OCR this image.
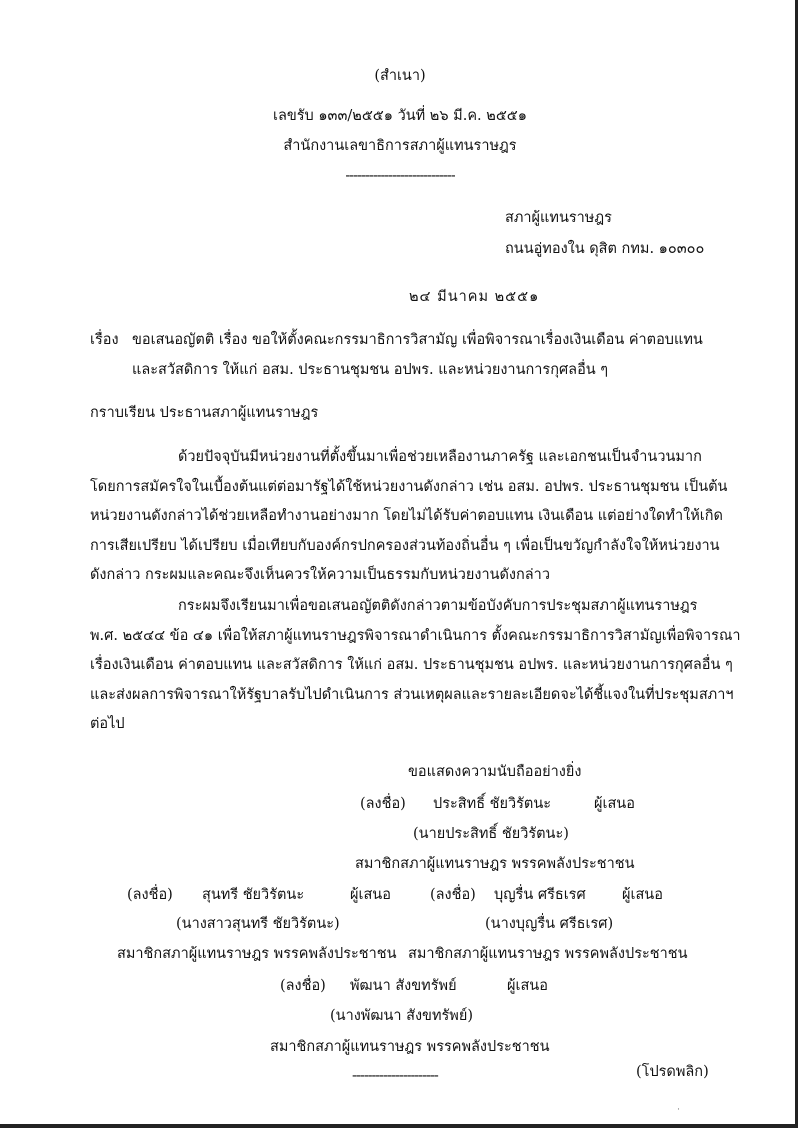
(สำเนา)
เลขรับ ๑๓๓/๒๕๕๑ วันที่ ๒๖ มี.ค. ๒๕๕๑
สำนักงานเลขาธิการสภาผู้แทนราษฎร
----------------------------
สภาผู้แทนราษฎร
ถนนอู่ทองใน ดุสิต กทม. ๑๐๓๐๐
๒๔ มีนาคม ๒๕๕๑
เรื่อง ขอเสนอญัตติ เรื่อง ขอให้ตั้งคณะกรรมาธิการวิสามัญ เพื่อพิจารณาเรื่องเงินเดือน ค่าตอบแทน
และสวัสดิการ ให้แก่ อสม. ประธานชุมชน อปพร. และหน่วยงานการกุศลอื่น ๆ
กราบเรียน ประธานสภาผู้แทนราษฎร

ด้วยปัจจุบันมีหน่วยงานที่ตั้งขึ้นมาเพื่อช่วยเหลืองานภาครัฐ และเอกชนเป็นจำนวนมาก

โดยการสมัครใจในเบื้องต้นแต่ต่อมารัฐได้ใช้หน่วยงานดังกล่าว เช่น อสม. อปพร. ประธานชุมชน เป็นต้น

หน่วยงานดังกล่าวได้ช่วยเหลือทำงานอย่างมาก โดยไม่ได้รับค่าตอบแทน เงินเดือน แต่อย่างใดทำให้เกิด

การเสียเปรียบ ได้เปรียบ เมื่อเทียบกับองค์กรปกครองส่วนท้องถิ่นอื่น ๆ เพื่อเป็นขวัญกำลังใจให้หน่วยงาน

ดังกล่าว กระผมและคณะจึงเห็นควรให้ความเป็นธรรมกับหน่วยงานดังกล่าว

กระผมจึงเรียนมาเพื่อขอเสนอญัตติดังกล่าวตามข้อบังคับการประชุมสภาผู้แทนราษฎร

พ.ศ. ๒๕๔๔ ข้อ ๔๑ เพื่อให้สภาผู้แทนราษฎรพิจารณาดำเนินการ ตั้งคณะกรรมาธิการวิสามัญเพื่อพิจารณา

เรื่องเงินเดือน ค่าตอบแทน และสวัสดิการ ให้แก่ อสม. ประธานชุมชน อปพร. และหน่วยงานการกุศลอื่น ๆ

และส่งผลการพิจารณาให้รัฐบาลรับไปดำเนินการ ส่วนเหตุผลและรายละเอียดจะได้ชี้แจงในที่ประชุมสภาฯ

ต่อไป

ขอแสดงความนับถืออย่างยิ่ง
(ลงชื่อ) ประสิทธิ์ ชัยวิรัตนะ	ผู้เสนอ
(นายประสิทธิ์ ชัยวิรัตนะ)
สมาชิกสภาผู้แทนราษฎร พรรคพลังประชาชน
(ลงชื่อ) สุนทรี ชัยวิรัตนะ	ผู้เสนอ
(นางสาวสุนทรี ชัยวิรัตนะ)
(ลงชื่อ) บุญรื่น ศรีธเรศ	ผู้เสนอ
(นางบุญรื่น ศรีธเรศ)
สมาชิกสภาผู้แทนราษฎร พรรคพลังประชาชน สมาชิกสภาผู้แทนราษฎร พรรคพลังประชาชน
(ลงชื่อ) พัฒนา สังขทรัพย์	ผู้เสนอ
(นางพัฒนา สังขทรัพย์)
สมาชิกสภาผู้แทนราษฎร พรรคพลังประชาชน
----------------------	(โปรดพลิก)
˙
